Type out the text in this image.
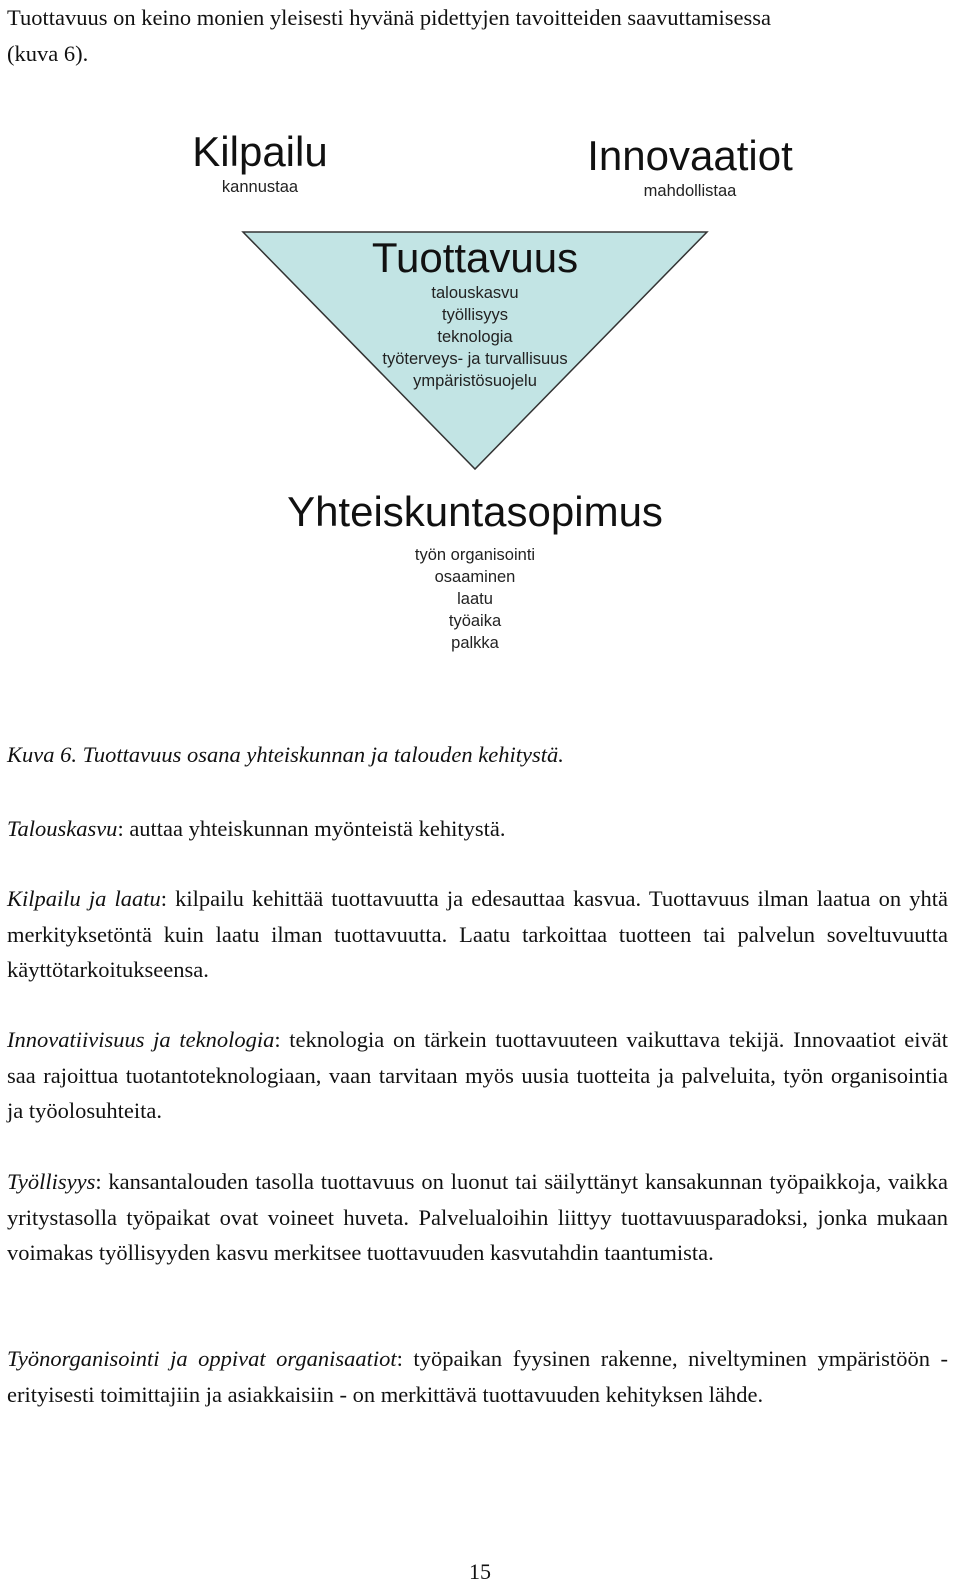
Tuottavuus on keino monien yleisesti hyvänä pidettyjen tavoitteiden saavuttamisessa
(kuva 6).

Kilpailu
kannustaa
Innovaatiot
mahdollistaa
Tuottavuus
talouskasvu
työllisyys
teknologia
työterveys- ja turvallisuus
ympäristösuojelu
Yhteiskuntasopimus
työn organisointi
osaaminen
laatu
työaika
palkka

Kuva 6. Tuottavuus osana yhteiskunnan ja talouden kehitystä.

Talouskasvu: auttaa yhteiskunnan myönteistä kehitystä.

Kilpailu ja laatu: kilpailu kehittää tuottavuutta ja edesauttaa kasvua. Tuottavuus ilman laatua on yhtä merkityksetöntä kuin laatu ilman tuottavuutta. Laatu tarkoittaa tuotteen tai palvelun soveltuvuutta käyttötarkoitukseensa.

Innovatiivisuus ja teknologia: teknologia on tärkein tuottavuuteen vaikuttava tekijä. Innovaatiot eivät saa rajoittua tuotantoteknologiaan, vaan tarvitaan myös uusia tuotteita ja palveluita, työn organisointia ja työolosuhteita.

Työllisyys: kansantalouden tasolla tuottavuus on luonut tai säilyttänyt kansakunnan työpaikkoja, vaikka yritystasolla työpaikat ovat voineet huveta. Palvelualoihin liittyy tuottavuusparadoksi, jonka mukaan voimakas työllisyyden kasvu merkitsee tuottavuuden kasvutahdin taantumista.

Työnorganisointi ja oppivat organisaatiot: työpaikan fyysinen rakenne, niveltyminen ympäristöön - erityisesti toimittajiin ja asiakkaisiin - on merkittävä tuottavuuden kehityksen lähde.

15
